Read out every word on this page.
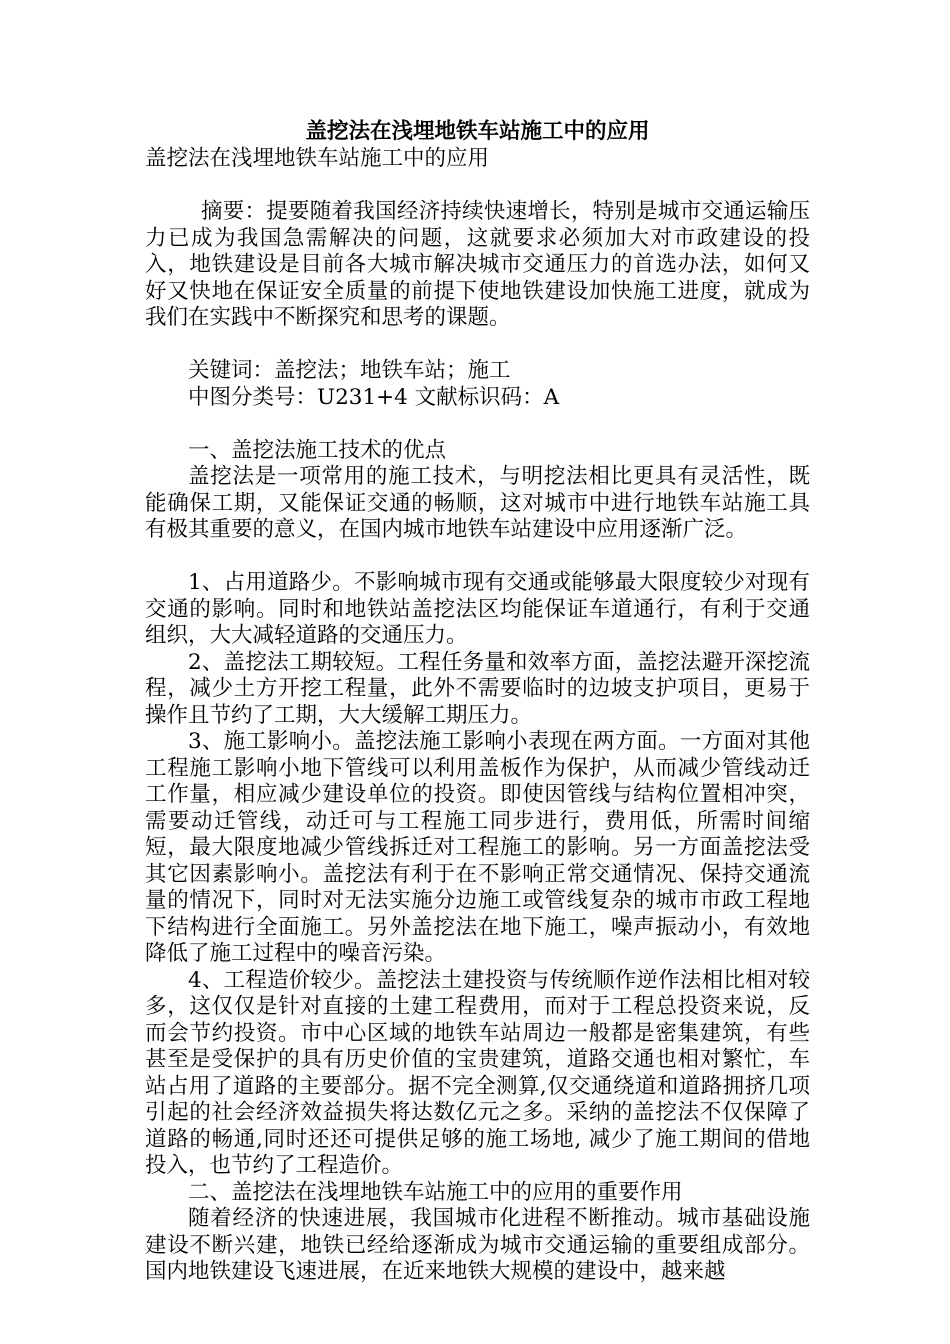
盖挖法在浅埋地铁车站施工中的应用

盖挖法在浅埋地铁车站施工中的应用

摘要：提要随着我国经济持续快速增长，特别是城市交通运输压力已成为我国急需解决的问题，这就要求必须加大对市政建设的投入，地铁建设是目前各大城市解决城市交通压力的首选办法，如何又好又快地在保证安全质量的前提下使地铁建设加快施工进度，就成为我们在实践中不断探究和思考的课题。

关键词：盖挖法；地铁车站；施工

中图分类号：U231+4 文献标识码：A

一、盖挖法施工技术的优点

盖挖法是一项常用的施工技术，与明挖法相比更具有灵活性，既能确保工期，又能保证交通的畅顺，这对城市中进行地铁车站施工具有极其重要的意义，在国内城市地铁车站建设中应用逐渐广泛。

1、占用道路少。不影响城市现有交通或能够最大限度较少对现有交通的影响。同时和地铁站盖挖法区均能保证车道通行，有利于交通组织，大大减轻道路的交通压力。

2、盖挖法工期较短。工程任务量和效率方面，盖挖法避开深挖流程，减少土方开挖工程量，此外不需要临时的边坡支护项目，更易于操作且节约了工期，大大缓解工期压力。

3、施工影响小。盖挖法施工影响小表现在两方面。一方面对其他工程施工影响小地下管线可以利用盖板作为保护，从而减少管线动迁工作量，相应减少建设单位的投资。即使因管线与结构位置相冲突，需要动迁管线，动迁可与工程施工同步进行，费用低，所需时间缩短，最大限度地减少管线拆迁对工程施工的影响。另一方面盖挖法受其它因素影响小。盖挖法有利于在不影响正常交通情况、保持交通流量的情况下，同时对无法实施分边施工或管线复杂的城市市政工程地下结构进行全面施工。另外盖挖法在地下施工，噪声振动小，有效地降低了施工过程中的噪音污染。

4、工程造价较少。盖挖法土建投资与传统顺作逆作法相比相对较多，这仅仅是针对直接的土建工程费用，而对于工程总投资来说，反而会节约投资。市中心区域的地铁车站周边一般都是密集建筑，有些甚至是受保护的具有历史价值的宝贵建筑，道路交通也相对繁忙，车站占用了道路的主要部分。据不完全测算,仅交通绕道和道路拥挤几项引起的社会经济效益损失将达数亿元之多。采纳的盖挖法不仅保障了道路的畅通,同时还还可提供足够的施工场地, 减少了施工期间的借地投入，也节约了工程造价。

二、盖挖法在浅埋地铁车站施工中的应用的重要作用

随着经济的快速进展，我国城市化进程不断推动。城市基础设施建设不断兴建，地铁已经给逐渐成为城市交通运输的重要组成部分。国内地铁建设飞速进展，在近来地铁大规模的建设中，越来越
